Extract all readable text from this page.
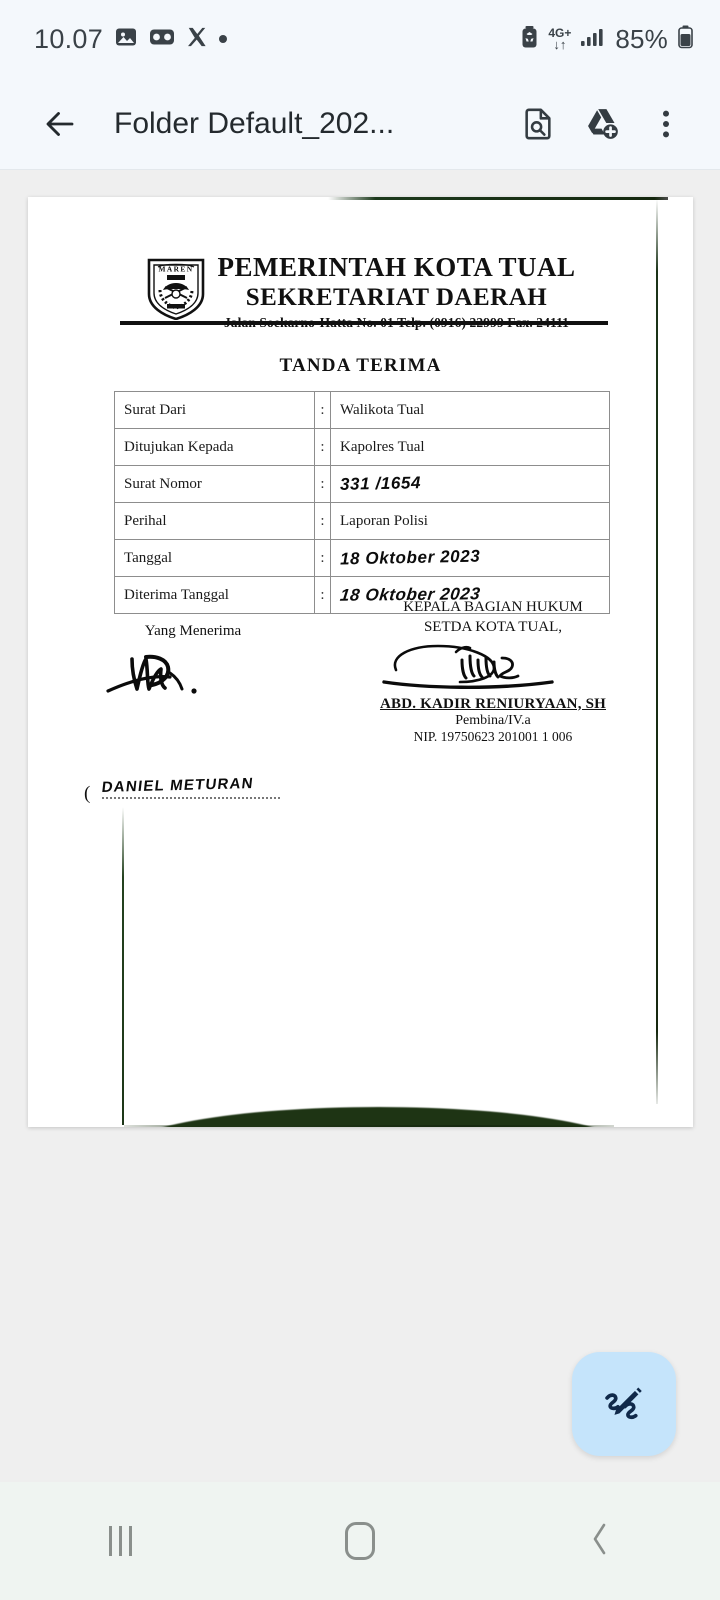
10.07	4G+
↓↑ 85%
Folder Default_202...
MAREN PEMERINTAH KOTA TUAL
SEKRETARIAT DAERAH
TANDA TERIMA
Surat Dari	:	Walikota Tual
Ditujukan Kepada	:	Kapolres Tual
Surat Nomor	:	331 /1654
Perihal	:	Laporan Polisi
Tanggal	:	18 Oktober 2023
Diterima Tanggal	:	18 Oktober 2023
Yang Menerima
( DANIEL METURAN
KEPALA BAGIAN HUKUM
SETDA KOTA TUAL,
ABD. KADIR RENIURYAAN, SH
Pembina/IV.a
NIP. 19750623 201001 1 006
